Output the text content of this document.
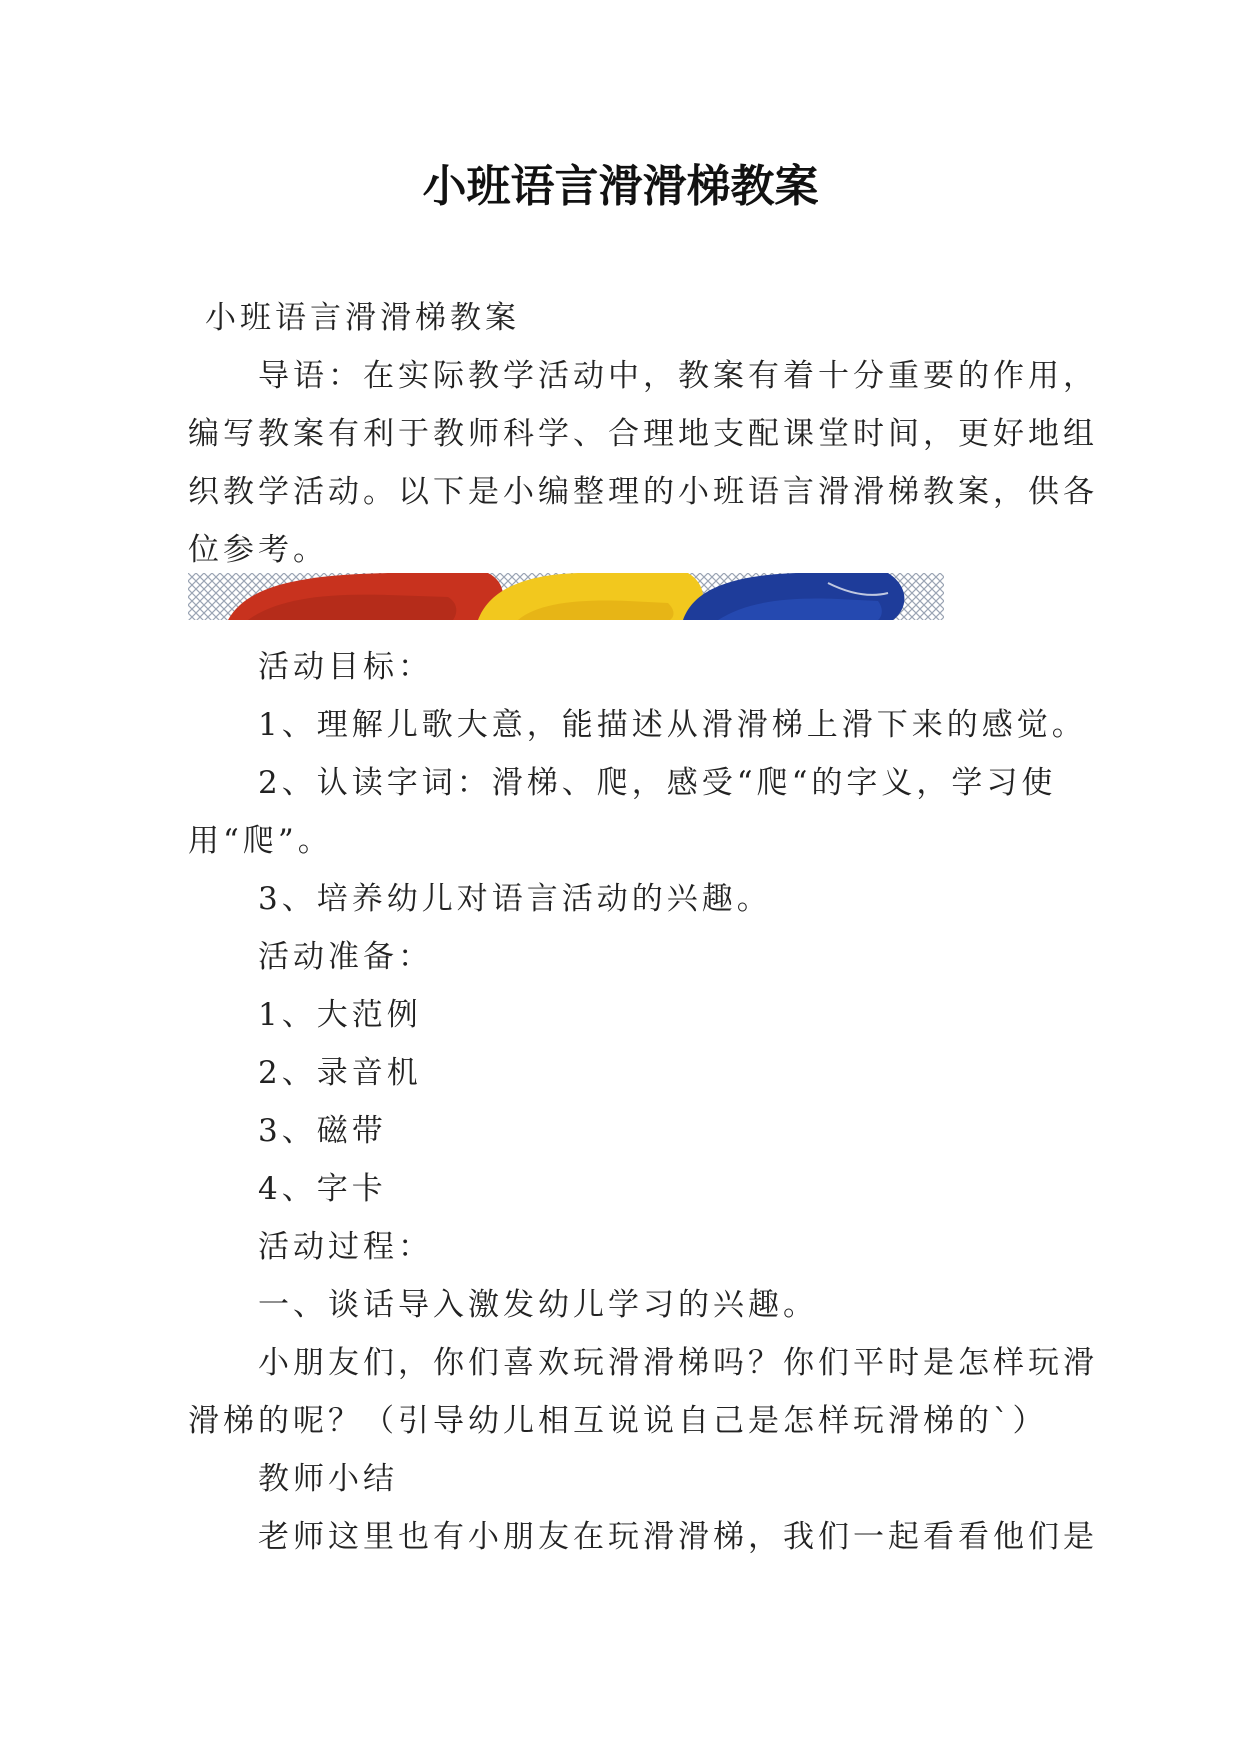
小班语言滑滑梯教案
小班语言滑滑梯教案
导语：在实际教学活动中，教案有着十分重要的作用，
编写教案有利于教师科学、合理地支配课堂时间，更好地组
织教学活动。以下是小编整理的小班语言滑滑梯教案，供各
位参考。
活动目标：
1、理解儿歌大意，能描述从滑滑梯上滑下来的感觉。
2、认读字词：滑梯、爬，感受“爬“的字义，学习使
用“爬”。
3、培养幼儿对语言活动的兴趣。
活动准备：
1、大范例
2、录音机
3、磁带
4、字卡
活动过程：
一、谈话导入激发幼儿学习的兴趣。
小朋友们，你们喜欢玩滑滑梯吗？你们平时是怎样玩滑
滑梯的呢？（引导幼儿相互说说自己是怎样玩滑梯的`）
教师小结
老师这里也有小朋友在玩滑滑梯，我们一起看看他们是
